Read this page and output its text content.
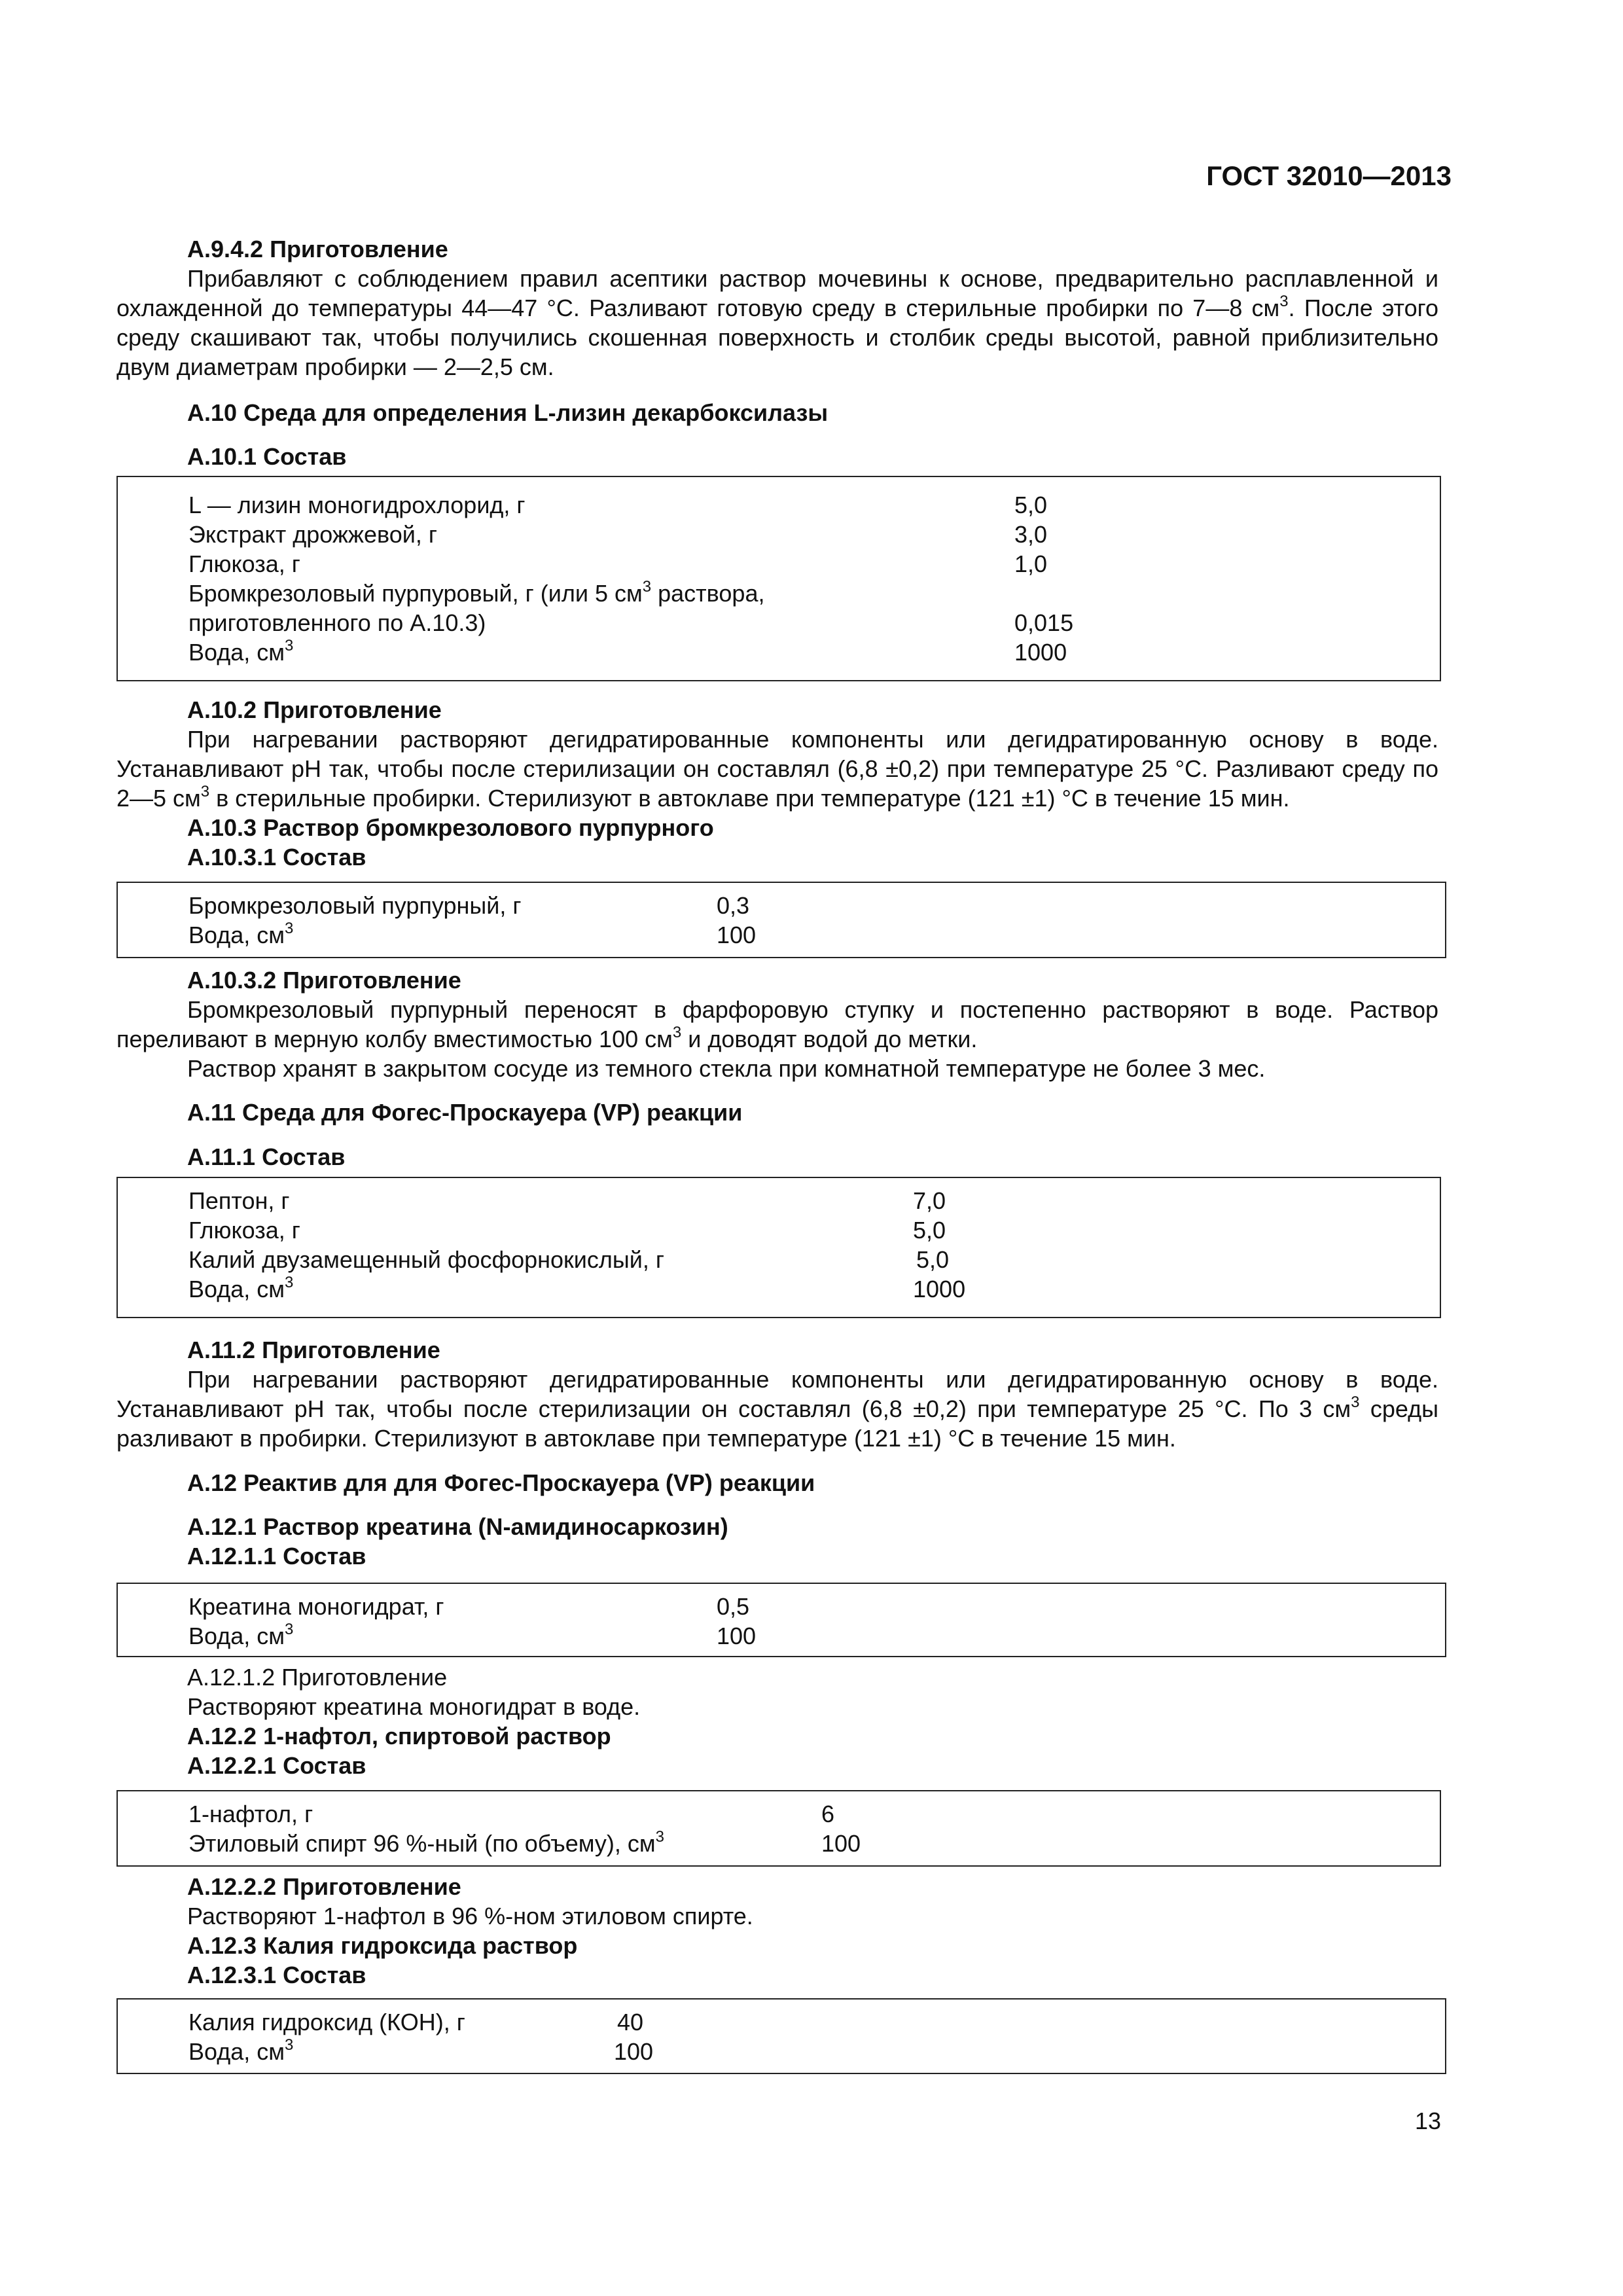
ГОСТ 32010—2013
А.9.4.2 Приготовление
Прибавляют с соблюдением правил асептики раствор мочевины к основе, предварительно расплавленной и охлажденной до температуры 44—47 °С. Разливают готовую среду в стерильные пробирки по 7—8 $см^3$. После этого среду скашивают так, чтобы получились скошенная поверхность и столбик среды высотой, равной приблизительно двум диаметрам пробирки — 2—2,5 см.
А.10 Среда для определения L-лизин декарбоксилазы
А.10.1 Состав
L — лизин моногидрохлорид, г	5,0
Экстракт дрожжевой, г	3,0
Глюкоза, г	1,0
Бромкрезоловый пурпуровый, г (или 5 $см^3$ раствора,
приготовленного по А.10.3)	0,015
Вода, $см^3$	1000
А.10.2 Приготовление
При нагревании растворяют дегидратированные компоненты или дегидратированную основу в воде. Устанавливают pH так, чтобы после стерилизации он составлял (6,8 ±0,2) при температуре 25 °С. Разливают среду по 2—5 $см^3$ в стерильные пробирки. Стерилизуют в автоклаве при температуре (121 ±1) °С в течение 15 мин.
А.10.3 Раствор бромкрезолового пурпурного
А.10.3.1 Состав
Бромкрезоловый пурпурный, г	0,3
Вода, $см^3$	100
А.10.3.2 Приготовление
Бромкрезоловый пурпурный переносят в фарфоровую ступку и постепенно растворяют в воде. Раствор переливают в мерную колбу вместимостью 100 $см^3$ и доводят водой до метки.
Раствор хранят в закрытом сосуде из темного стекла при комнатной температуре не более 3 мес.
А.11 Среда для Фогес-Проскауера (VP) реакции
А.11.1 Состав
Пептон, г	7,0
Глюкоза, г	5,0
Калий двузамещенный фосфорнокислый, г	5,0
Вода, $см^3$	1000
А.11.2 Приготовление
При нагревании растворяют дегидратированные компоненты или дегидратированную основу в воде. Устанавливают pH так, чтобы после стерилизации он составлял (6,8 ±0,2) при температуре 25 °С. По 3 $см^3$ среды разливают в пробирки. Стерилизуют в автоклаве при температуре (121 ±1) °С в течение 15 мин.
А.12 Реактив для для Фогес-Проскауера (VP) реакции
А.12.1 Раствор креатина (N-амидиносаркозин)
А.12.1.1 Состав
Креатина моногидрат, г	0,5
Вода, $см^3$	100
А.12.1.2 Приготовление
Растворяют креатина моногидрат в воде.
А.12.2 1-нафтол, спиртовой раствор
А.12.2.1 Состав
1-нафтол, г	6
Этиловый спирт 96 %-ный (по объему), $см^3$	100
А.12.2.2 Приготовление
Растворяют 1-нафтол в 96 %-ном этиловом спирте.
А.12.3 Калия гидроксида раствор
А.12.3.1 Состав
Калия гидроксид (КОН), г	40
Вода, $см^3$	100
13
